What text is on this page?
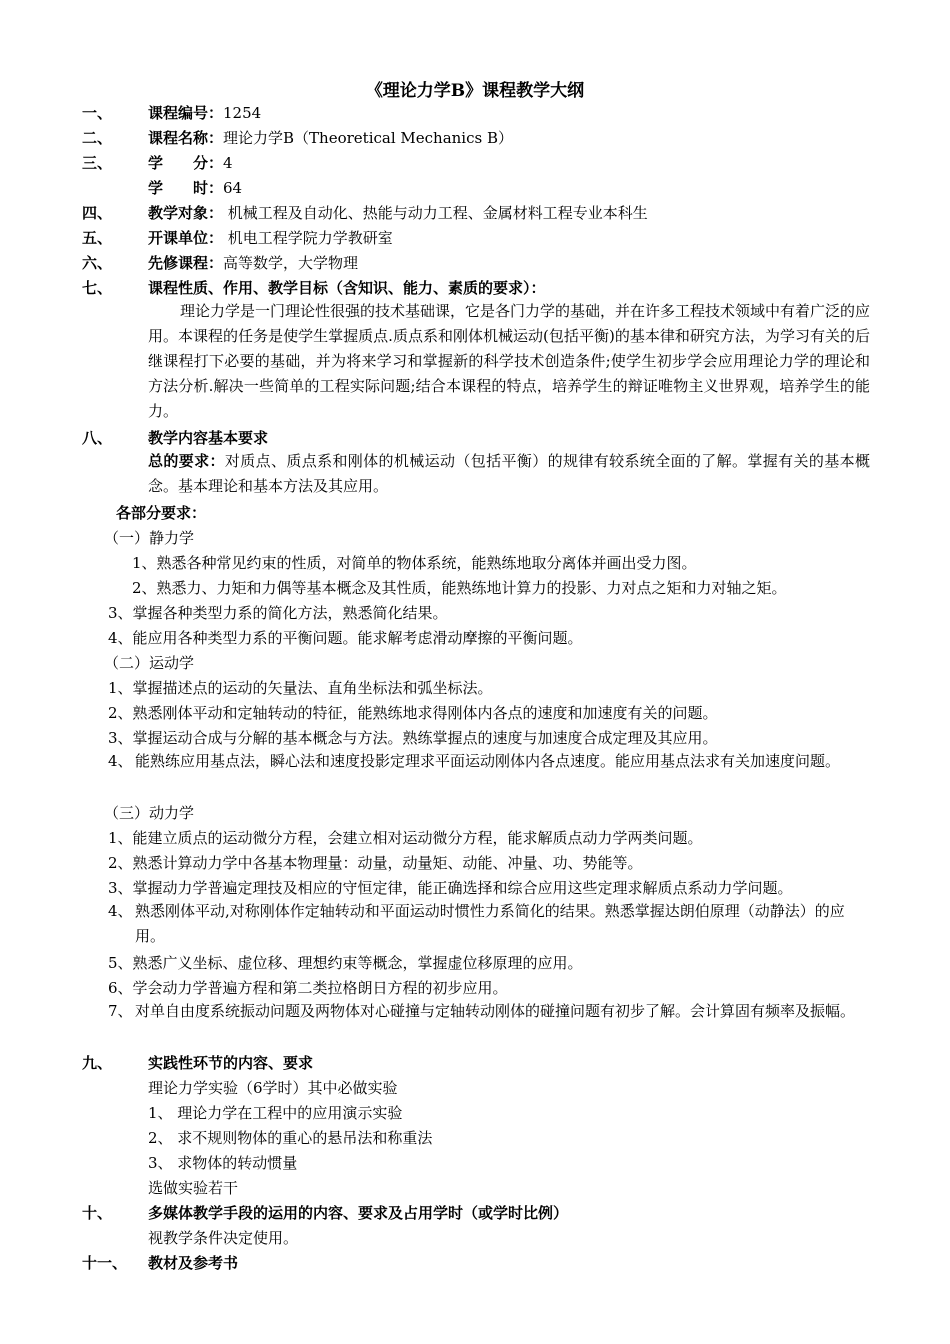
《理论力学B》课程教学大纲
一、 课程编号：1254
二、 课程名称：理论力学B（Theoretical Mechanics B）
三、 学　　分：4
学　　时：64
四、 教学对象： 机械工程及自动化、热能与动力工程、金属材料工程专业本科生
五、 开课单位： 机电工程学院力学教研室
六、 先修课程：高等数学，大学物理
七、 课程性质、作用、教学目标（含知识、能力、素质的要求）：
理论力学是一门理论性很强的技术基础课，它是各门力学的基础，并在许多工程技术领域中有着广泛的应用。本课程的任务是使学生掌握质点.质点系和刚体机械运动(包括平衡)的基本律和研究方法，为学习有关的后继课程打下必要的基础，并为将来学习和掌握新的科学技术创造条件;使学生初步学会应用理论力学的理论和方法分析.解决一些简单的工程实际问题;结合本课程的特点，培养学生的辩证唯物主义世界观，培养学生的能力。
八、 教学内容基本要求
总的要求：对质点、质点系和刚体的机械运动（包括平衡）的规律有较系统全面的了解。掌握有关的基本概念。基本理论和基本方法及其应用。
各部分要求：
（一）静力学
1、熟悉各种常见约束的性质，对简单的物体系统，能熟练地取分离体并画出受力图。
2、熟悉力、力矩和力偶等基本概念及其性质，能熟练地计算力的投影、力对点之矩和力对轴之矩。
3、掌握各种类型力系的简化方法，熟悉简化结果。
4、能应用各种类型力系的平衡问题。能求解考虑滑动摩擦的平衡问题。
（二）运动学
1、掌握描述点的运动的矢量法、直角坐标法和弧坐标法。
2、熟悉刚体平动和定轴转动的特征，能熟练地求得刚体内各点的速度和加速度有关的问题。
3、掌握运动合成与分解的基本概念与方法。熟练掌握点的速度与加速度合成定理及其应用。
4、 能熟练应用基点法，瞬心法和速度投影定理求平面运动刚体内各点速度。能应用基点法求有关加速度问题。
（三）动力学
1、能建立质点的运动微分方程，会建立相对运动微分方程，能求解质点动力学两类问题。
2、熟悉计算动力学中各基本物理量：动量，动量矩、动能、冲量、功、势能等。
3、掌握动力学普遍定理技及相应的守恒定律，能正确选择和综合应用这些定理求解质点系动力学问题。
4、 熟悉刚体平动,对称刚体作定轴转动和平面运动时惯性力系简化的结果。熟悉掌握达朗伯原理（动静法）的应用。
5、熟悉广义坐标、虚位移、理想约束等概念，掌握虚位移原理的应用。
6、学会动力学普遍方程和第二类拉格朗日方程的初步应用。
7、 对单自由度系统振动问题及两物体对心碰撞与定轴转动刚体的碰撞问题有初步了解。会计算固有频率及振幅。
九、 实践性环节的内容、要求
理论力学实验（6学时）其中必做实验
1、 理论力学在工程中的应用演示实验
2、 求不规则物体的重心的悬吊法和称重法
3、 求物体的转动惯量
选做实验若干
十、 多媒体教学手段的运用的内容、要求及占用学时（或学时比例）
视教学条件决定使用。
十一、 教材及参考书
